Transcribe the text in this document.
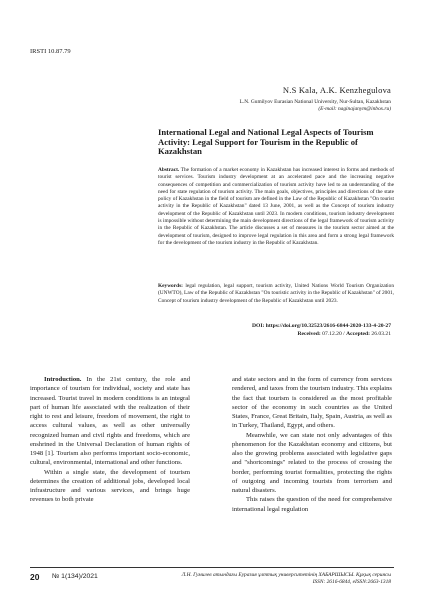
IRSTI 10.87.79
N.S Kala, A.K. Kenzhegulova
L.N. Gumilyov Eurasian National University, Nur-Sultan, Kazakhstan
(E-mail: naginajanym@inbox.ru)
International Legal and National Legal Aspects of Tourism Activity: Legal Support for Tourism in the Republic of Kazakhstan
Abstract. The formation of a market economy in Kazakhstan has increased interest in forms and methods of tourist services. Tourism industry development at an accelerated pace and the increasing negative consequences of competition and commercialization of tourism activity have led to an understanding of the need for state regulation of tourism activity. The main goals, objectives, principles and directions of the state policy of Kazakhstan in the field of tourism are defined in the Law of the Republic of Kazakhstan "On tourist activity in the Republic of Kazakhstan" dated 13 June, 2001, as well as the Concept of tourism industry development of the Republic of Kazakhstan until 2023. In modern conditions, tourism industry development is impossible without determining the main development directions of the legal framework of tourism activity in the Republic of Kazakhstan. The article discusses a set of measures in the tourism sector aimed at the development of tourism, designed to improve legal regulation in this area and form a strong legal framework for the development of the tourism industry in the Republic of Kazakhstan.
Keywords: legal regulation, legal support, tourism activity, United Nations World Tourism Organization (UNWTO), Law of the Republic of Kazakhstan "On touristic activity in the Republic of Kazakhstan" of 2001, Concept of tourism industry development of the Republic of Kazakhstan until 2023.
DOI: https://doi.org/10.32523/2616-6844-2020-133-4-20-27
Received: 07.12.20 / Accepted: 26.03.21

Introduction. In the 21st century, the role and importance of tourism for individual, society and state has increased. Tourist travel in modern conditions is an integral part of human life associated with the realization of their right to rest and leisure, freedom of movement, the right to access cultural values, as well as other universally recognized human and civil rights and freedoms, which are enshrined in the Universal Declaration of human rights of 1948 [1]. Tourism also performs important socio-economic, cultural, environmental, international and other functions.

Within a single state, the development of tourism determines the creation of additional jobs, developed local infrastructure and various services, and brings huge revenues to both private

and state sectors and in the form of currency from services rendered, and taxes from the tourism industry. This explains the fact that tourism is considered as the most profitable sector of the economy in such countries as the United States, France, Great Britain, Italy, Spain, Austria, as well as in Turkey, Thailand, Egypt, and others.

Meanwhile, we can state not only advantages of this phenomenon for the Kazakhstan economy and citizens, but also the growing problems associated with legislative gaps and "shortcomings" related to the process of crossing the border, performing tourist formalities, protecting the rights of outgoing and incoming tourists from terrorism and natural disasters.

This raises the question of the need for comprehensive international legal regulation

20 № 1(134)/2021	Л.Н. Гумилев атындағы Еуразия ұлттық университетінің ХАБАРШЫСЫ. Құқық сериясы
ISSN: 2616-6844, eISSN:2663-1318
